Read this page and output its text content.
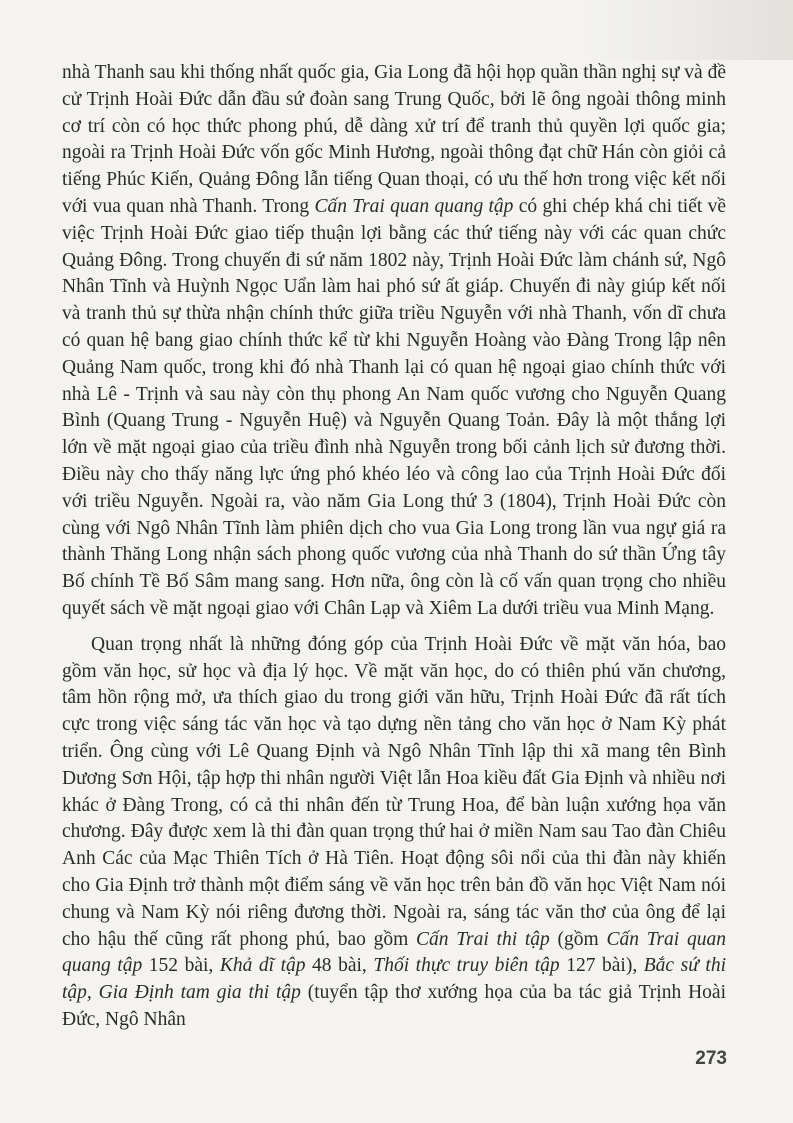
nhà Thanh sau khi thống nhất quốc gia, Gia Long đã hội họp quần thần nghị sự và đề cử Trịnh Hoài Đức dẫn đầu sứ đoàn sang Trung Quốc, bởi lẽ ông ngoài thông minh cơ trí còn có học thức phong phú, dễ dàng xử trí để tranh thủ quyền lợi quốc gia; ngoài ra Trịnh Hoài Đức vốn gốc Minh Hương, ngoài thông đạt chữ Hán còn giỏi cả tiếng Phúc Kiến, Quảng Đông lẫn tiếng Quan thoại, có ưu thế hơn trong việc kết nối với vua quan nhà Thanh. Trong Cấn Trai quan quang tập có ghi chép khá chi tiết về việc Trịnh Hoài Đức giao tiếp thuận lợi bằng các thứ tiếng này với các quan chức Quảng Đông. Trong chuyến đi sứ năm 1802 này, Trịnh Hoài Đức làm chánh sứ, Ngô Nhân Tĩnh và Huỳnh Ngọc Uẩn làm hai phó sứ ất giáp. Chuyến đi này giúp kết nối và tranh thủ sự thừa nhận chính thức giữa triều Nguyễn với nhà Thanh, vốn dĩ chưa có quan hệ bang giao chính thức kể từ khi Nguyễn Hoàng vào Đàng Trong lập nên Quảng Nam quốc, trong khi đó nhà Thanh lại có quan hệ ngoại giao chính thức với nhà Lê - Trịnh và sau này còn thụ phong An Nam quốc vương cho Nguyễn Quang Bình (Quang Trung - Nguyễn Huệ) và Nguyễn Quang Toản. Đây là một thắng lợi lớn về mặt ngoại giao của triều đình nhà Nguyễn trong bối cảnh lịch sử đương thời. Điều này cho thấy năng lực ứng phó khéo léo và công lao của Trịnh Hoài Đức đối với triều Nguyễn. Ngoài ra, vào năm Gia Long thứ 3 (1804), Trịnh Hoài Đức còn cùng với Ngô Nhân Tĩnh làm phiên dịch cho vua Gia Long trong lần vua ngự giá ra thành Thăng Long nhận sách phong quốc vương của nhà Thanh do sứ thần Ứng tây Bố chính Tề Bố Sâm mang sang. Hơn nữa, ông còn là cố vấn quan trọng cho nhiều quyết sách về mặt ngoại giao với Chân Lạp và Xiêm La dưới triều vua Minh Mạng.

Quan trọng nhất là những đóng góp của Trịnh Hoài Đức về mặt văn hóa, bao gồm văn học, sử học và địa lý học. Về mặt văn học, do có thiên phú văn chương, tâm hồn rộng mở, ưa thích giao du trong giới văn hữu, Trịnh Hoài Đức đã rất tích cực trong việc sáng tác văn học và tạo dựng nền tảng cho văn học ở Nam Kỳ phát triển. Ông cùng với Lê Quang Định và Ngô Nhân Tĩnh lập thi xã mang tên Bình Dương Sơn Hội, tập hợp thi nhân người Việt lẫn Hoa kiều đất Gia Định và nhiều nơi khác ở Đàng Trong, có cả thi nhân đến từ Trung Hoa, để bàn luận xướng họa văn chương. Đây được xem là thi đàn quan trọng thứ hai ở miền Nam sau Tao đàn Chiêu Anh Các của Mạc Thiên Tích ở Hà Tiên. Hoạt động sôi nổi của thi đàn này khiến cho Gia Định trở thành một điểm sáng về văn học trên bản đồ văn học Việt Nam nói chung và Nam Kỳ nói riêng đương thời. Ngoài ra, sáng tác văn thơ của ông để lại cho hậu thế cũng rất phong phú, bao gồm Cấn Trai thi tập (gồm Cấn Trai quan quang tập 152 bài, Khả dĩ tập 48 bài, Thối thực truy biên tập 127 bài), Bắc sứ thi tập, Gia Định tam gia thi tập (tuyển tập thơ xướng họa của ba tác giả Trịnh Hoài Đức, Ngô Nhân

273
